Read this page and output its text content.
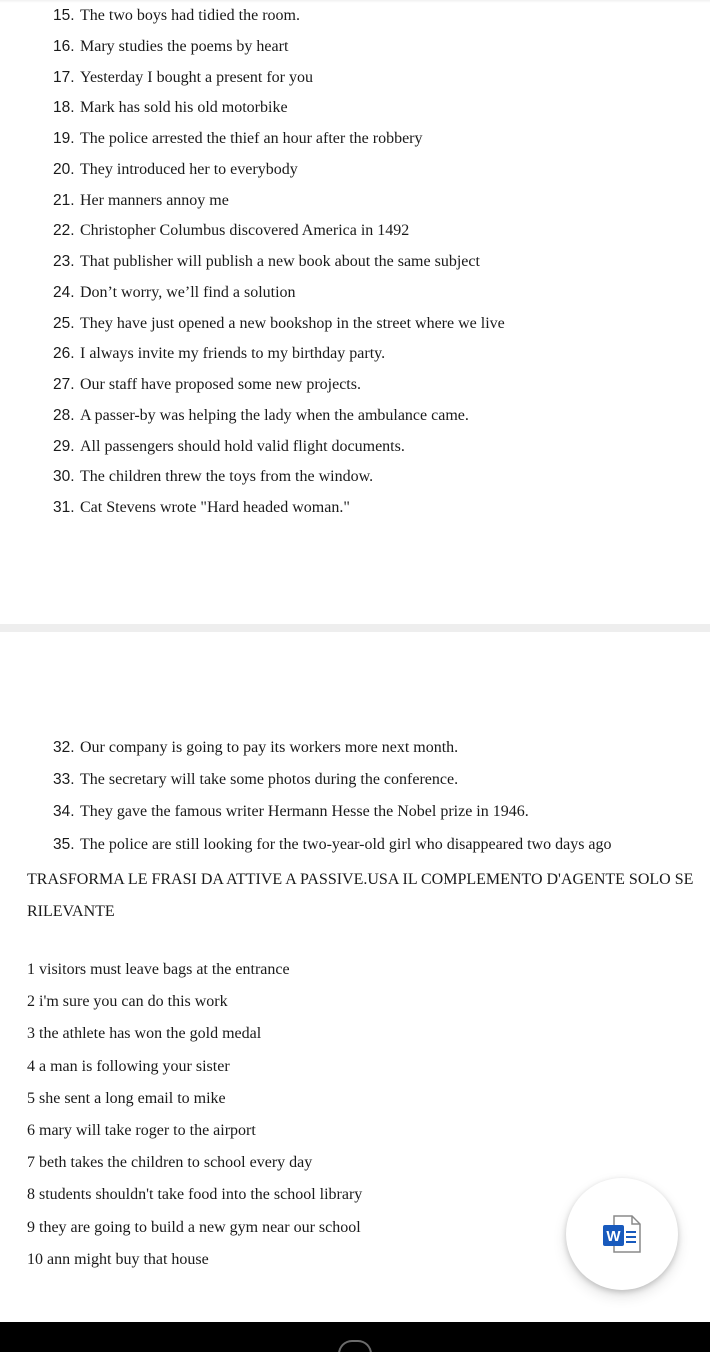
15. The two boys had tidied the room.
16. Mary studies the poems by heart
17. Yesterday I bought a present for you
18. Mark has sold his old motorbike
19. The police arrested the thief an hour after the robbery
20. They introduced her to everybody
21. Her manners annoy me
22. Christopher Columbus discovered America in 1492
23. That publisher will publish a new book about the same subject
24. Don’t worry, we’ll find a solution
25. They have just opened a new bookshop in the street where we live
26. I always invite my friends to my birthday party.
27. Our staff have proposed some new projects.
28. A passer-by was helping the lady when the ambulance came.
29. All passengers should hold valid flight documents.
30. The children threw the toys from the window.
31. Cat Stevens wrote "Hard headed woman."
32. Our company is going to pay its workers more next month.
33. The secretary will take some photos during the conference.
34. They gave the famous writer Hermann Hesse the Nobel prize in 1946.
35. The police are still looking for the two-year-old girl who disappeared two days ago

TRASFORMA LE FRASI DA ATTIVE A PASSIVE.USA IL COMPLEMENTO D'AGENTE SOLO SE RILEVANTE

1 visitors must leave bags at the entrance
2 i'm sure you can do this work
3 the athlete has won the gold medal
4 a man is following your sister
5 she sent a long email to mike
6 mary will take roger to the airport
7 beth takes the children to school every day
8 students shouldn't take food into the school library
9 they are going to build a new gym near our school
10 ann might buy that house
W
